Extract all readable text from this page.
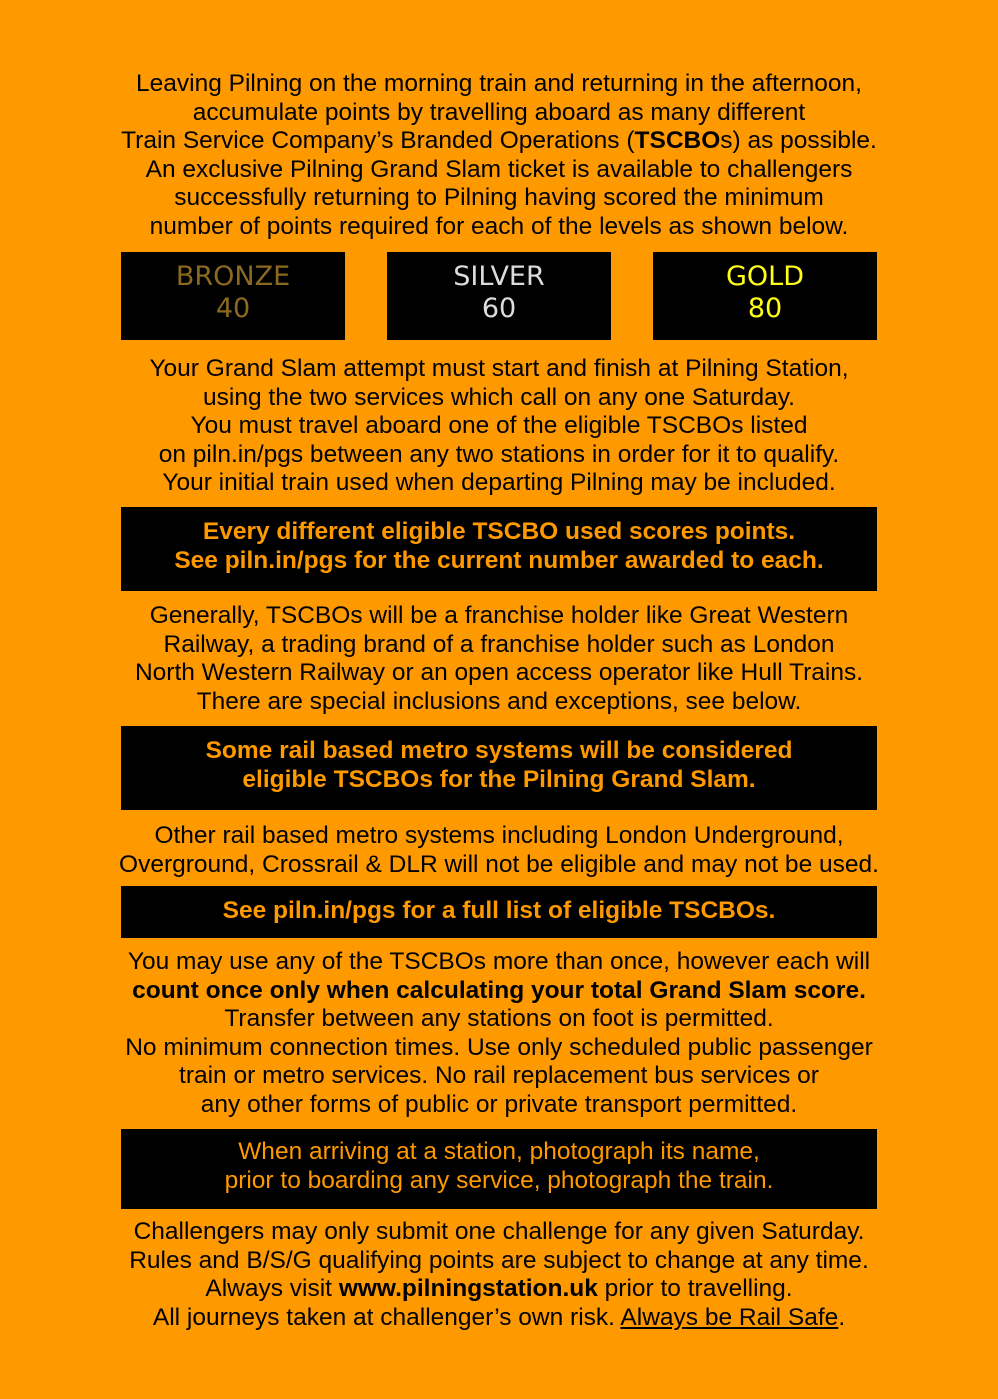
Leaving Pilning on the morning train and returning in the afternoon,
accumulate points by travelling aboard as many different
Train Service Company’s Branded Operations (TSCBOs) as possible.
An exclusive Pilning Grand Slam ticket is available to challengers
successfully returning to Pilning having scored the minimum
number of points required for each of the levels as shown below.
BRONZE
40
SILVER
60
GOLD
80
Your Grand Slam attempt must start and finish at Pilning Station,
using the two services which call on any one Saturday.
You must travel aboard one of the eligible TSCBOs listed
on piln.in/pgs between any two stations in order for it to qualify.
Your initial train used when departing Pilning may be included.
Every different eligible TSCBO used scores points.
See piln.in/pgs for the current number awarded to each.
Generally, TSCBOs will be a franchise holder like Great Western
Railway, a trading brand of a franchise holder such as London
North Western Railway or an open access operator like Hull Trains.
There are special inclusions and exceptions, see below.
Some rail based metro systems will be considered
eligible TSCBOs for the Pilning Grand Slam.
Other rail based metro systems including London Underground,
Overground, Crossrail & DLR will not be eligible and may not be used.
See piln.in/pgs for a full list of eligible TSCBOs.
You may use any of the TSCBOs more than once, however each will
count once only when calculating your total Grand Slam score.
Transfer between any stations on foot is permitted.
No minimum connection times. Use only scheduled public passenger
train or metro services. No rail replacement bus services or
any other forms of public or private transport permitted.
When arriving at a station, photograph its name,
prior to boarding any service, photograph the train.
Challengers may only submit one challenge for any given Saturday.
Rules and B/S/G qualifying points are subject to change at any time.
Always visit www.pilningstation.uk prior to travelling.
All journeys taken at challenger’s own risk. Always be Rail Safe.
